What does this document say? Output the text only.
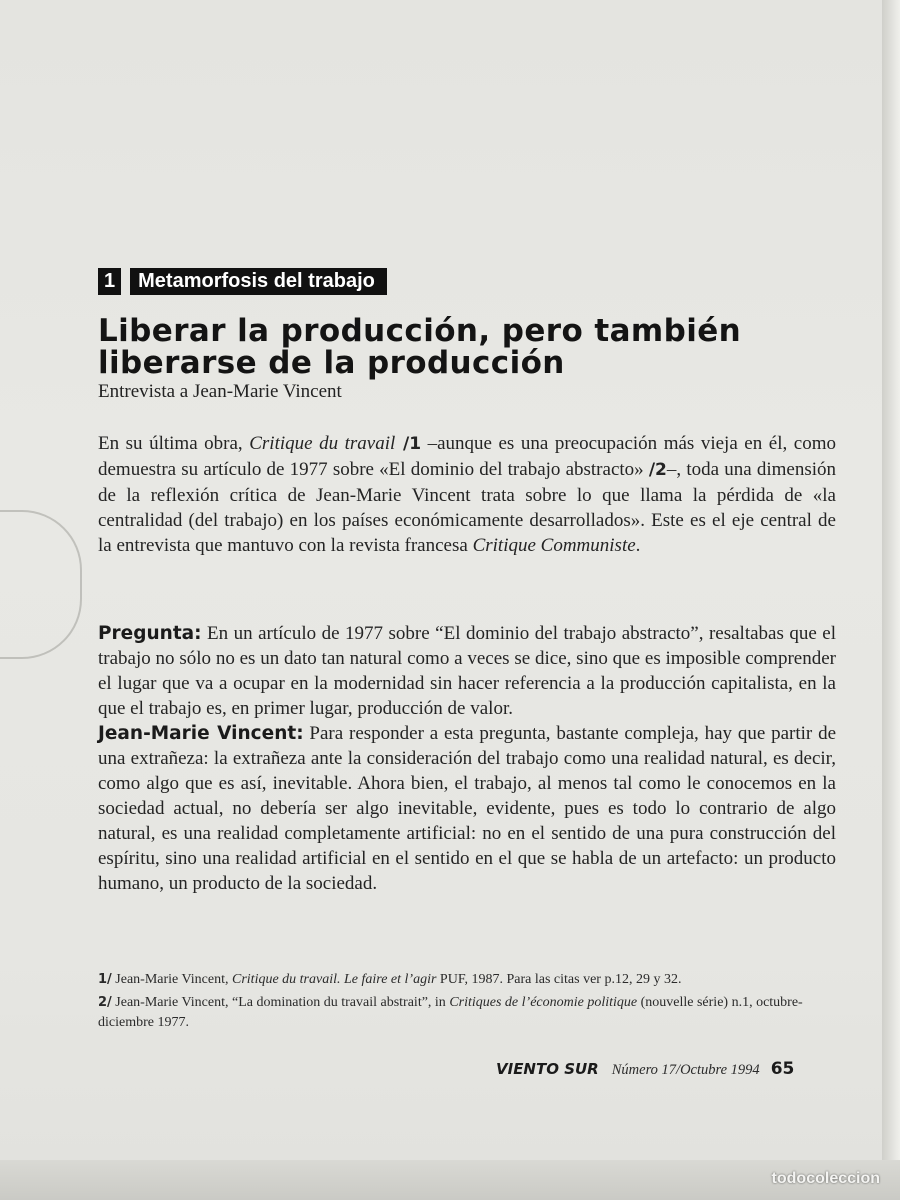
1	Metamorfosis del trabajo
Liberar la producción, pero también
liberarse de la producción
Entrevista a Jean-Marie Vincent

En su última obra, Critique du travail /1 –aunque es una preocupación más vieja en él, como demuestra su artículo de 1977 sobre «El dominio del trabajo abstracto» /2–, toda una dimensión de la reflexión crítica de Jean-Marie Vincent trata sobre lo que llama la pérdida de «la centralidad (del trabajo) en los países económicamente desarrollados». Este es el eje central de la entrevista que mantuvo con la revista francesa Critique Communiste.

Pregunta: En un artículo de 1977 sobre “El dominio del trabajo abstracto”, resaltabas que el trabajo no sólo no es un dato tan natural como a veces se dice, sino que es imposible comprender el lugar que va a ocupar en la modernidad sin hacer referencia a la producción capitalista, en la que el trabajo es, en primer lugar, producción de valor.

Jean-Marie Vincent: Para responder a esta pregunta, bastante compleja, hay que partir de una extrañeza: la extrañeza ante la consideración del trabajo como una realidad natural, es decir, como algo que es así, inevitable. Ahora bien, el trabajo, al menos tal como le conocemos en la sociedad actual, no debería ser algo inevitable, evidente, pues es todo lo contrario de algo natural, es una realidad completamente artificial: no en el sentido de una pura construcción del espíritu, sino una realidad artificial en el sentido en el que se habla de un artefacto: un producto humano, un producto de la sociedad.

1/ Jean-Marie Vincent, Critique du travail. Le faire et l’agir PUF, 1987. Para las citas ver p.12, 29 y 32.

2/ Jean-Marie Vincent, “La domination du travail abstrait”, in Critiques de l’économie politique (nouvelle série) n.1, octubre-diciembre 1977.

VIENTO SUR Número 17/Octubre 1994 65
todocoleccion
